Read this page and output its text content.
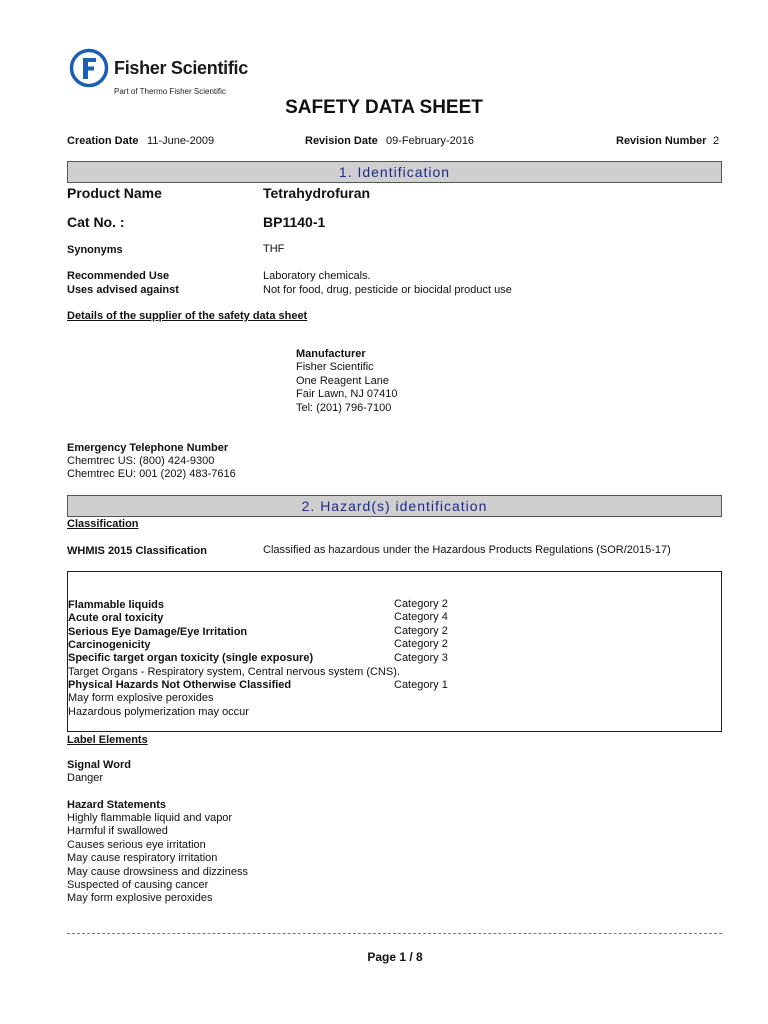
Fisher Scientific
Part of Thermo Fisher Scientific
SAFETY DATA SHEET
Creation Date 11-June-2009	Revision Date 09-February-2016	Revision Number 2
1. Identification
Product Name	Tetrahydrofuran
Cat No. :	BP1140-1
Synonyms	THF
Recommended Use	Laboratory chemicals.
Uses advised against	Not for food, drug, pesticide or biocidal product use
Details of the supplier of the safety data sheet
Manufacturer
Fisher Scientific
One Reagent Lane
Fair Lawn, NJ 07410
Tel: (201) 796-7100
Emergency Telephone Number
Chemtrec US: (800) 424-9300
Chemtrec EU: 001 (202) 483-7616
2. Hazard(s) identification
Classification
WHMIS 2015 Classification	Classified as hazardous under the Hazardous Products Regulations (SOR/2015-17)
Flammable liquids	Category 2
Acute oral toxicity	Category 4
Serious Eye Damage/Eye Irritation	Category 2
Carcinogenicity	Category 2
Specific target organ toxicity (single exposure)	Category 3
Target Organs - Respiratory system, Central nervous system (CNS).
Physical Hazards Not Otherwise Classified	Category 1
May form explosive peroxides
Hazardous polymerization may occur
Label Elements
Signal Word
Danger
Hazard Statements
Highly flammable liquid and vapor
Harmful if swallowed
Causes serious eye irritation
May cause respiratory irritation
May cause drowsiness and dizziness
Suspected of causing cancer
May form explosive peroxides
Page 1 / 8
